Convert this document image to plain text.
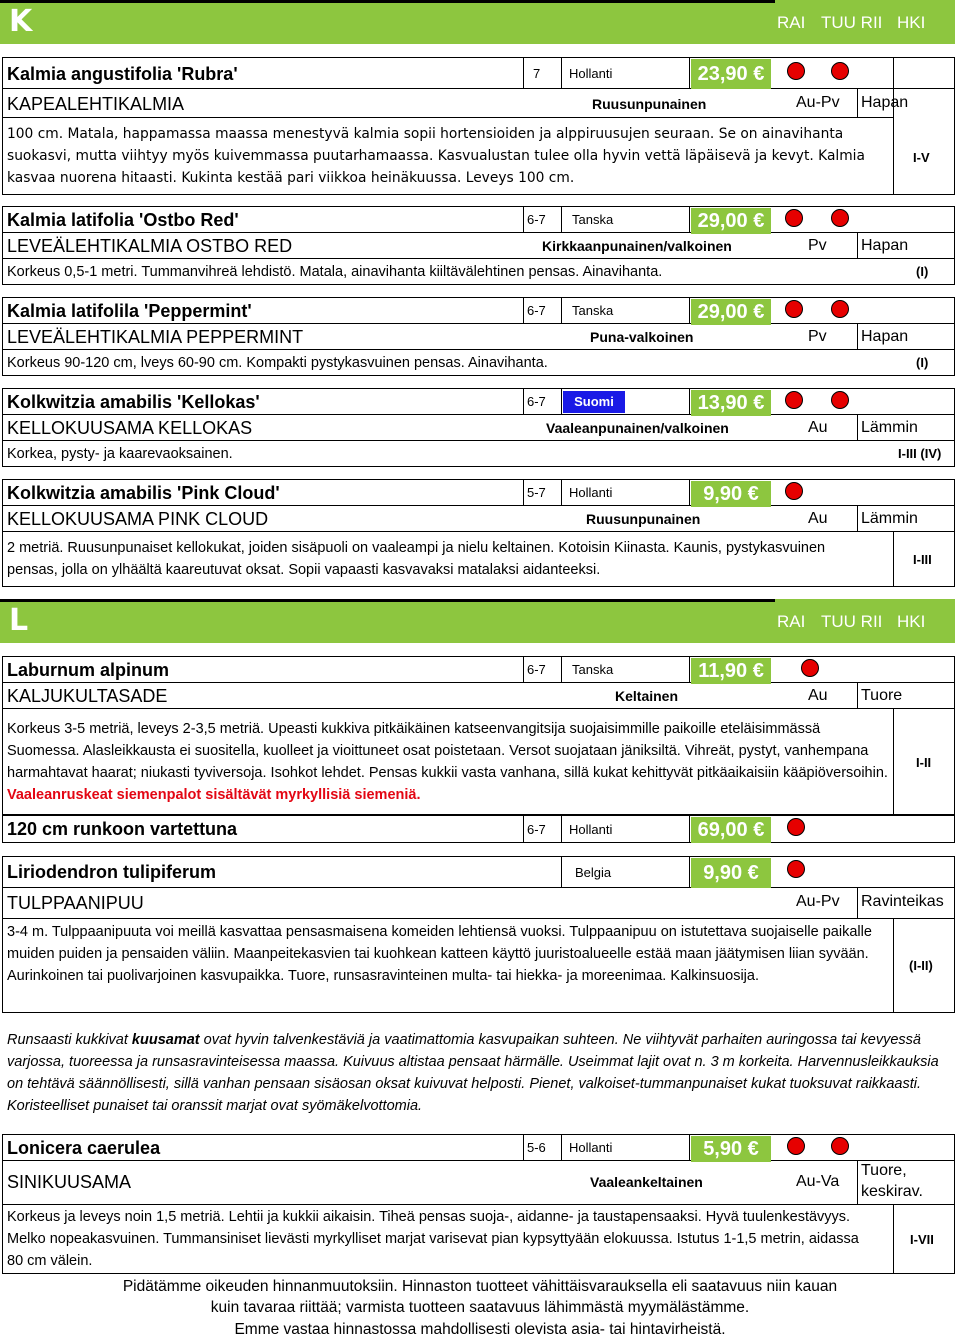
K	RAI TUU RII HKI
Kalmia angustifolia 'Rubra'	7 Hollanti	23,90 €
KAPEALEHTIKALMIA	Ruusunpunainen	Au-Pv Hapan
100 cm. Matala, happamassa maassa menestyvä kalmia sopii hortensioiden ja alppiruusujen seuraan. Se on ainavihanta suokasvi, mutta viihtyy myös kuivemmassa puutarhamaassa. Kasvualustan tulee olla hyvin vettä läpäisevä ja kevyt. Kalmia kasvaa nuorena hitaasti. Kukinta kestää pari viikkoa heinäkuussa. Leveys 100 cm.
I-V
Kalmia latifolia 'Ostbo Red'	6-7 Tanska	29,00 €
LEVEÄLEHTIKALMIA OSTBO RED	Kirkkaanpunainen/valkoinen	Pv Hapan
Korkeus 0,5-1 metri. Tummanvihreä lehdistö. Matala, ainavihanta kiiltävälehtinen pensas. Ainavihanta.	(I)
Kalmia latifolila 'Peppermint'	6-7 Tanska	29,00 €
LEVEÄLEHTIKALMIA PEPPERMINT	Puna-valkoinen	Pv Hapan
Korkeus 90-120 cm, lveys 60-90 cm. Kompakti pystykasvuinen pensas. Ainavihanta.	(I)
Kolkwitzia amabilis 'Kellokas'	6-7	Suomi	13,90 €
KELLOKUUSAMA KELLOKAS	Vaaleanpunainen/valkoinen	Au Lämmin
Korkea, pysty- ja kaarevaoksainen.	I-III (IV)
Kolkwitzia amabilis 'Pink Cloud'	5-7 Hollanti	9,90 €
KELLOKUUSAMA PINK CLOUD	Ruusunpunainen	Au Lämmin
2 metriä. Ruusunpunaiset kellokukat, joiden sisäpuoli on vaaleampi ja nielu keltainen. Kotoisin Kiinasta. Kaunis, pystykasvuinen pensas, jolla on ylhäältä kaareutuvat oksat. Sopii vapaasti kasvavaksi matalaksi aidanteeksi.
I-III
L	RAI TUU RII HKI
Laburnum alpinum	6-7 Tanska	11,90 €
KALJUKULTASADE	Keltainen	Au Tuore
Korkeus 3-5 metriä, leveys 2-3,5 metriä. Upeasti kukkiva pitkäikäinen katseenvangitsija suojaisimmille paikoille eteläisimmässä Suomessa. Alasleikkausta ei suositella, kuolleet ja vioittuneet osat poistetaan. Versot suojataan jäniksiltä. Vihreät, pystyt, vanhempana harmahtavat haarat; niukasti tyviversoja. Isohkot lehdet. Pensas kukkii vasta vanhana, sillä kukat kehittyvät pitkäaikaisiin kääpiöversoihin. Vaaleanruskeat siemenpalot sisältävät myrkyllisiä siemeniä.
I-II
120 cm runkoon vartettuna	6-7 Hollanti	69,00 €
Liriodendron tulipiferum	Belgia	9,90 €
TULPPAANIPUU	Au-Pv Ravinteikas
3-4 m. Tulppaanipuuta voi meillä kasvattaa pensasmaisena komeiden lehtiensä vuoksi. Tulppaanipuu on istutettava suojaiselle paikalle muiden puiden ja pensaiden väliin. Maanpeitekasvien tai kuohkean katteen käyttö juuristoalueelle estää maan jäätymisen liian syvään. Aurinkoinen tai puolivarjoinen kasvupaikka. Tuore, runsasravinteinen multa- tai hiekka- ja moreenimaa. Kalkinsuosija.
(I-II)
Runsaasti kukkivat kuusamat ovat hyvin talvenkestäviä ja vaatimattomia kasvupaikan suhteen. Ne viihtyvät parhaiten auringossa tai kevyessä varjossa, tuoreessa ja runsasravinteisessa maassa. Kuivuus altistaa pensaat härmälle. Useimmat lajit ovat n. 3 m korkeita. Harvennusleikkauksia on tehtävä säännöllisesti, sillä vanhan pensaan sisäosan oksat kuivuvat helposti. Pienet, valkoiset-tummanpunaiset kukat tuoksuvat raikkaasti. Koristeelliset punaiset tai oranssit marjat ovat syömäkelvottomia.
Lonicera caerulea	5-6 Hollanti	5,90 €
SINIKUUSAMA	Vaaleankeltainen	Au-Va
Tuore,
keskirav.
Korkeus ja leveys noin 1,5 metriä. Lehtii ja kukkii aikaisin. Tiheä pensas suoja-, aidanne- ja taustapensaaksi. Hyvä tuulenkestävyys. Melko nopeakasvuinen. Tummansiniset lievästi myrkylliset marjat varisevat pian kypsyttyään elokuussa. Istutus 1-1,5 metrin, aidassa 80 cm välein.
I-VII
Pidätämme oikeuden hinnanmuutoksiin. Hinnaston tuotteet vähittäisvarauksella eli saatavuus niin kauan
kuin tavaraa riittää; varmista tuotteen saatavuus lähimmästä myymälästämme.
Emme vastaa hinnastossa mahdollisesti olevista asia- tai hintavirheistä.
